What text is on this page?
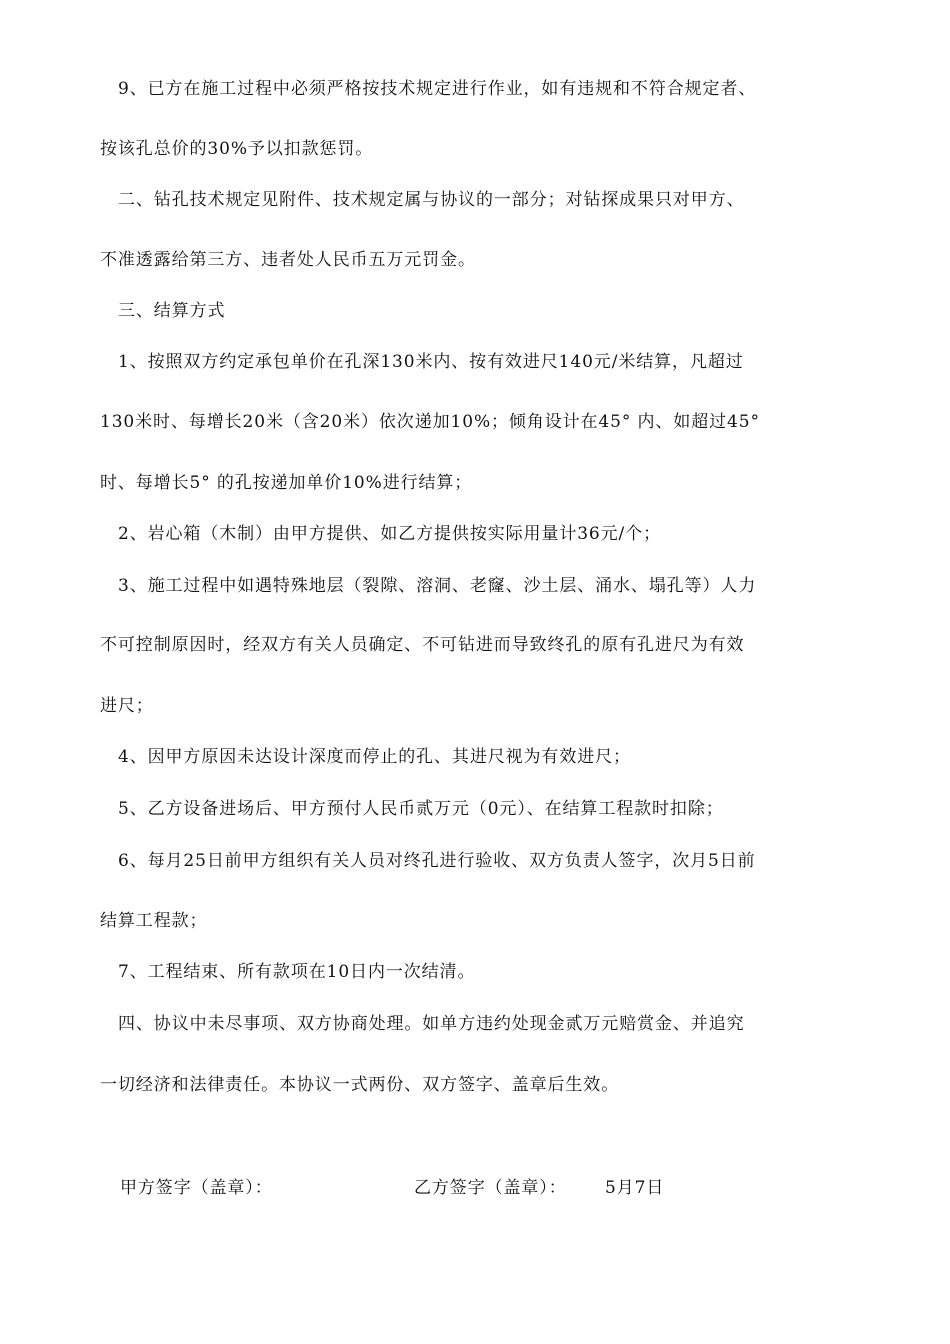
9、已方在施工过程中必须严格按技术规定进行作业，如有违规和不符合规定者、
按该孔总价的30%予以扣款惩罚。
二、钻孔技术规定见附件、技术规定属与协议的一部分；对钻探成果只对甲方、
不准透露给第三方、违者处人民币五万元罚金。
三、结算方式
1、按照双方约定承包单价在孔深130米内、按有效进尺140元/米结算，凡超过
130米时、每增长20米（含20米）依次递加10%；倾角设计在45° 内、如超过45°
时、每增长5° 的孔按递加单价10%进行结算；
2、岩心箱（木制）由甲方提供、如乙方提供按实际用量计36元/个；
3、施工过程中如遇特殊地层（裂隙、溶洞、老窿、沙土层、涌水、塌孔等）人力
不可控制原因时，经双方有关人员确定、不可钻进而导致终孔的原有孔进尺为有效
进尺；
4、因甲方原因未达设计深度而停止的孔、其进尺视为有效进尺；
5、乙方设备进场后、甲方预付人民币贰万元（0元）、在结算工程款时扣除；
6、每月25日前甲方组织有关人员对终孔进行验收、双方负责人签字，次月5日前
结算工程款；
7、工程结束、所有款项在10日内一次结清。
四、协议中未尽事项、双方协商处理。如单方违约处现金贰万元赔赏金、并追究
一切经济和法律责任。本协议一式两份、双方签字、盖章后生效。
甲方签字（盖章）：	乙方签字（盖章）： 5月7日
